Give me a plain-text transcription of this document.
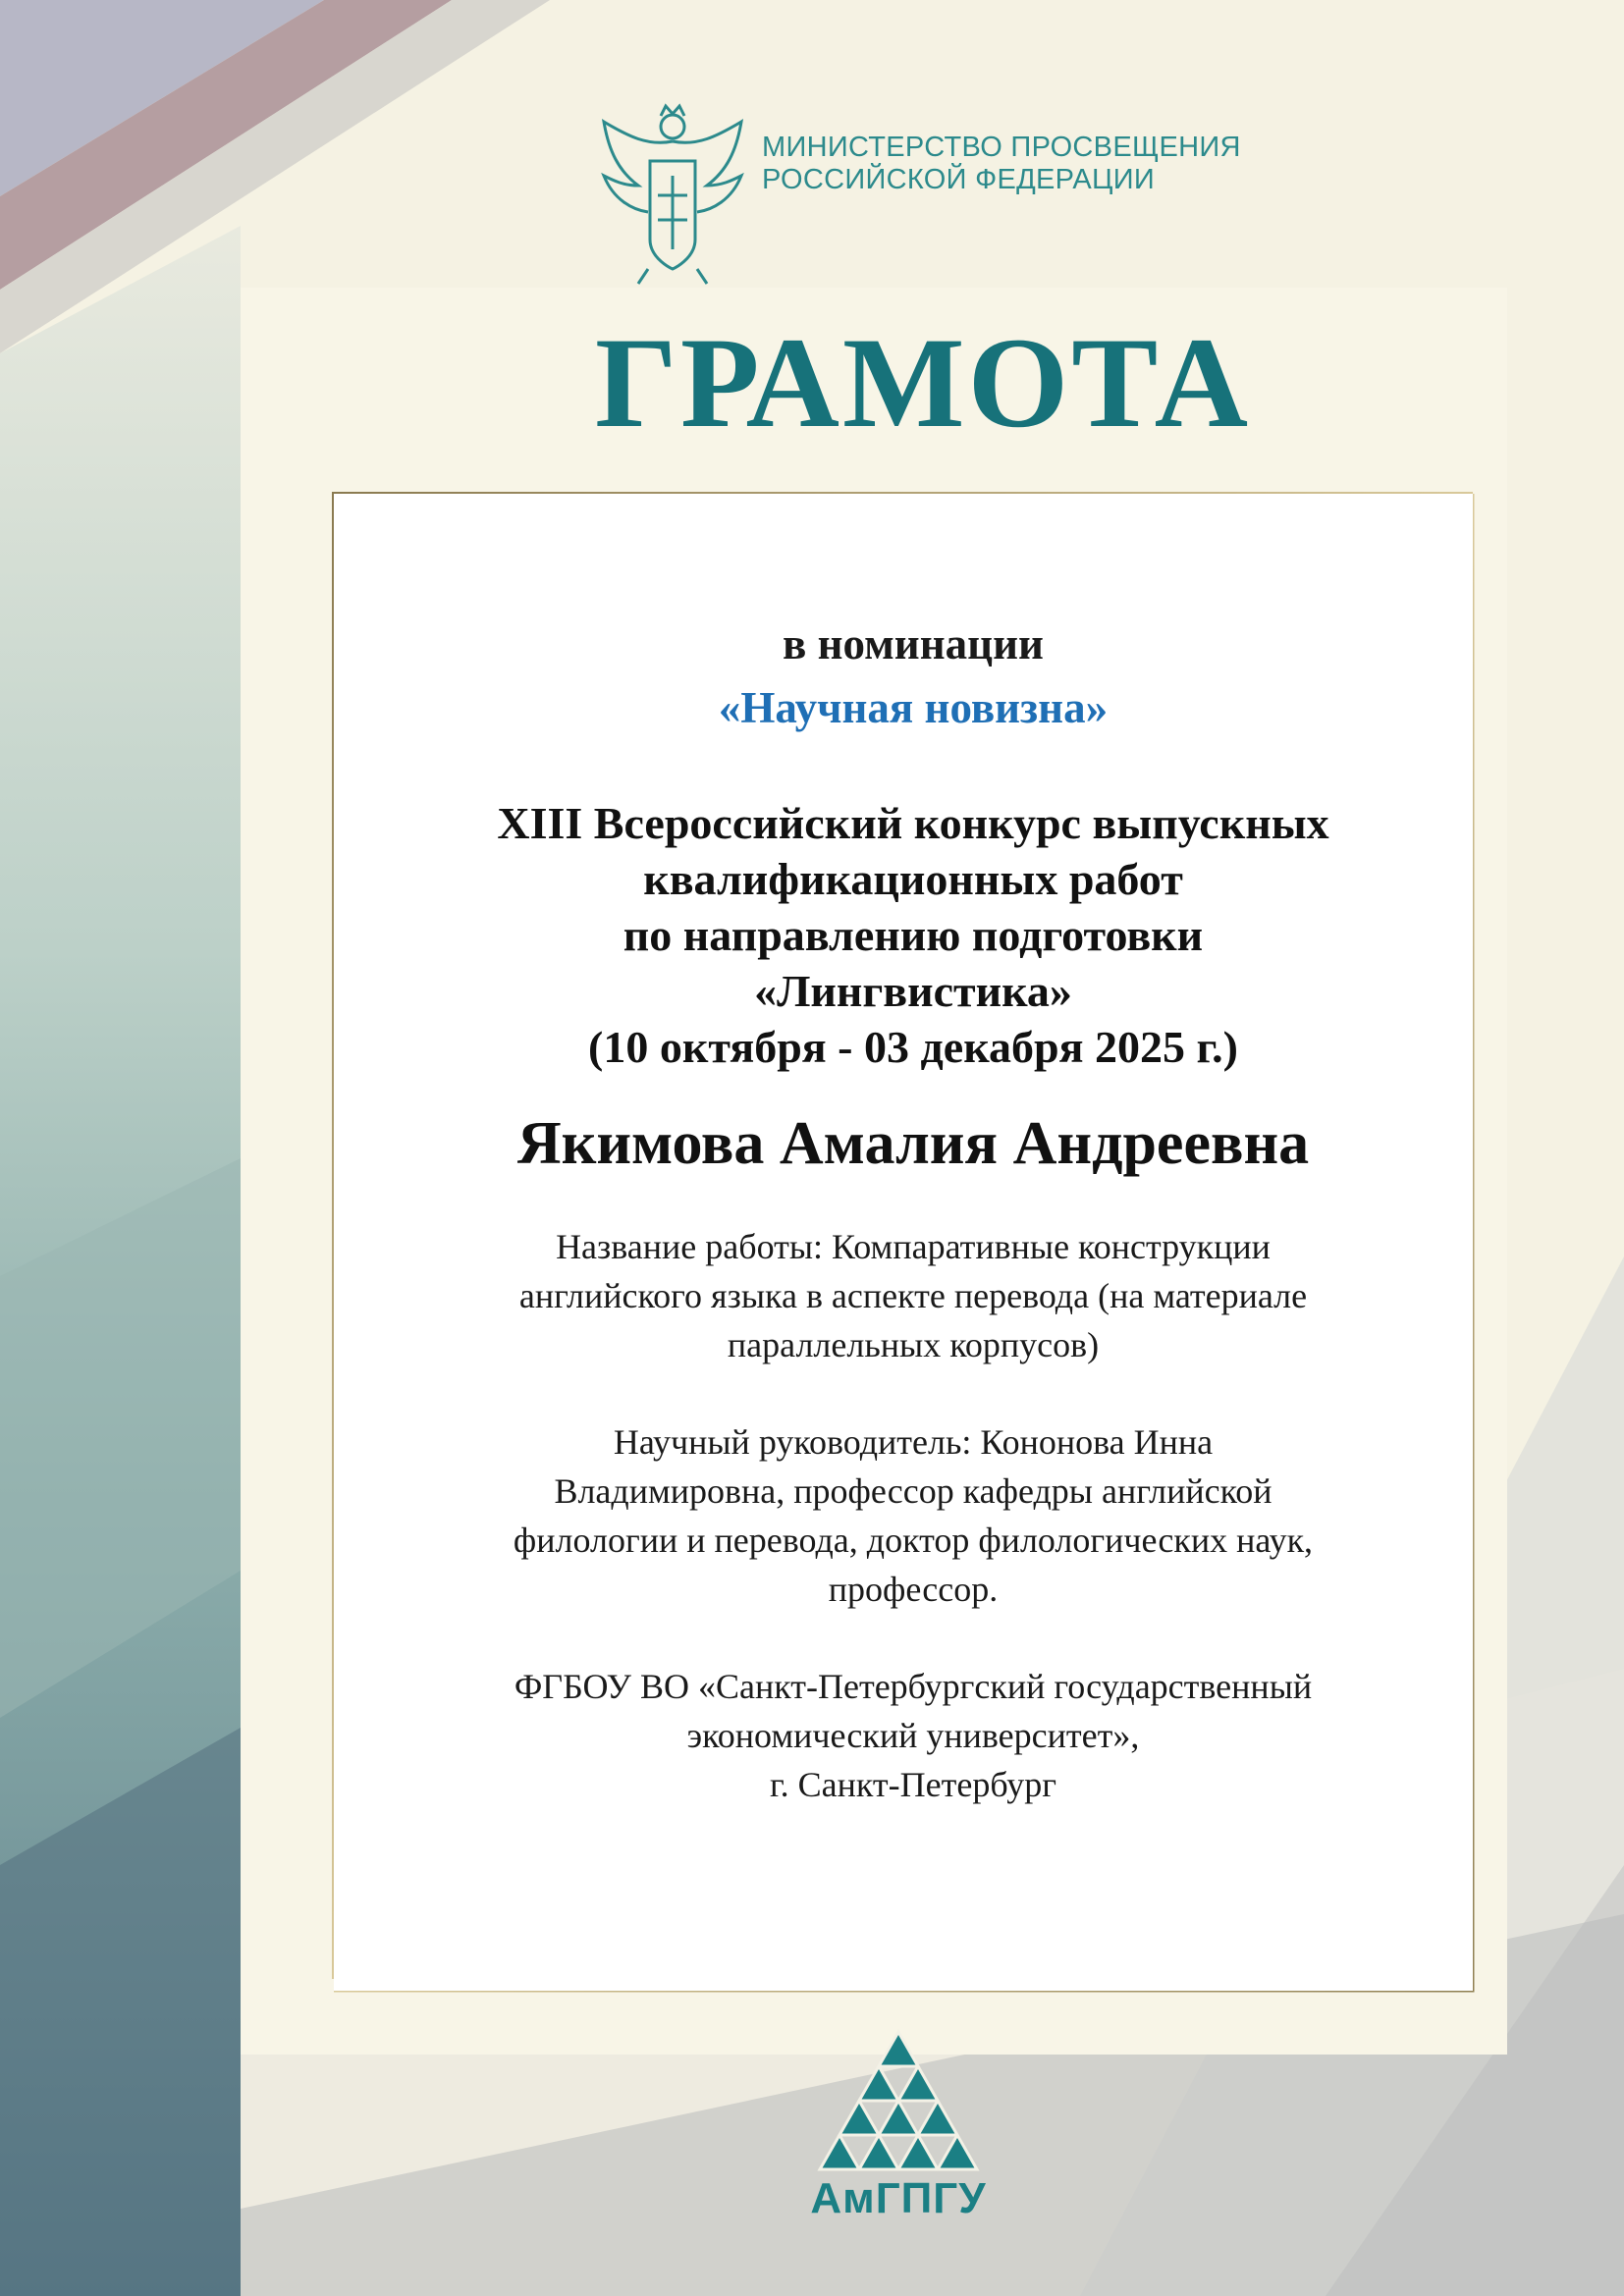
МИНИСТЕРСТВО ПРОСВЕЩЕНИЯ
РОССИЙСКОЙ ФЕДЕРАЦИИ
ГРАМОТА
в номинации
«Научная новизна»
XIII Всероссийский конкурс выпускных
квалификационных работ
по направлению подготовки
«Лингвистика»
(10 октября - 03 декабря 2025 г.)
Якимова Амалия Андреевна
Название работы: Компаративные конструкции
английского языка в аспекте перевода (на материале
параллельных корпусов)
Научный руководитель: Кононова Инна
Владимировна, профессор кафедры английской
филологии и перевода, доктор филологических наук,
профессор.
ФГБОУ ВО «Санкт-Петербургский государственный
экономический университет»,
г. Санкт-Петербург
АмГПГУ
